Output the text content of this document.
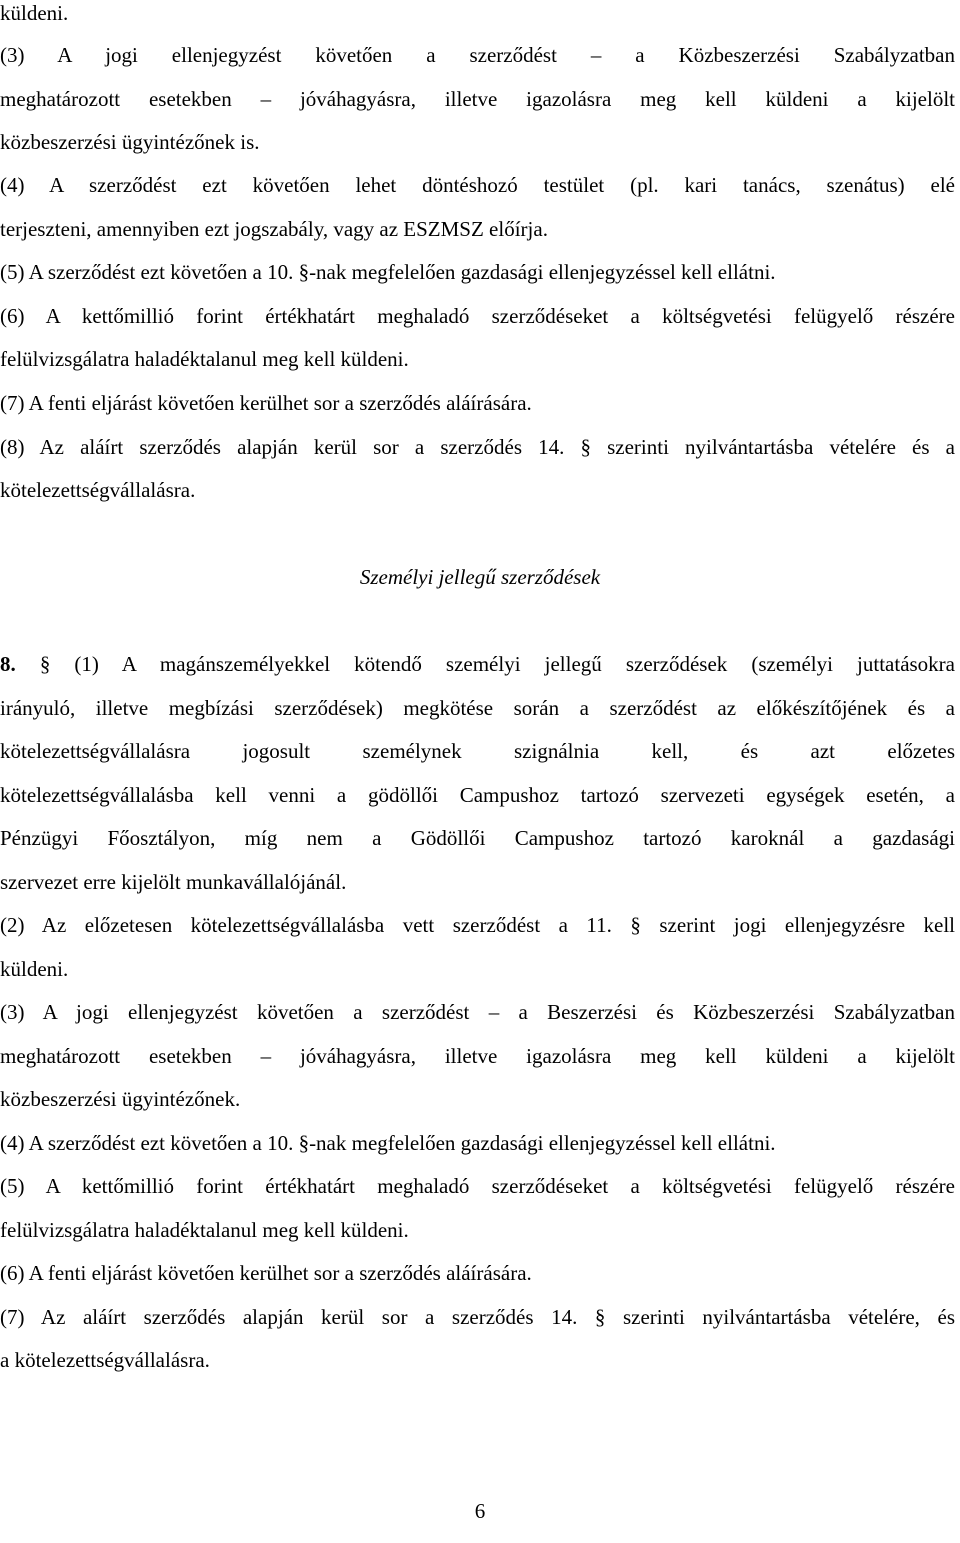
küldeni.

(3) A jogi ellenjegyzést követően a szerződést – a Közbeszerzési Szabályzatban

meghatározott esetekben – jóváhagyásra, illetve igazolásra meg kell küldeni a kijelölt

közbeszerzési ügyintézőnek is.

(4) A szerződést ezt követően lehet döntéshozó testület (pl. kari tanács, szenátus) elé

terjeszteni, amennyiben ezt jogszabály, vagy az ESZMSZ előírja.

(5) A szerződést ezt követően a 10. §-nak megfelelően gazdasági ellenjegyzéssel kell ellátni.

(6) A kettőmillió forint értékhatárt meghaladó szerződéseket a költségvetési felügyelő részére

felülvizsgálatra haladéktalanul meg kell küldeni.

(7) A fenti eljárást követően kerülhet sor a szerződés aláírására.

(8) Az aláírt szerződés alapján kerül sor a szerződés 14. § szerinti nyilvántartásba vételére és a

kötelezettségvállalásra.

Személyi jellegű szerződések

8. § (1) A magánszemélyekkel kötendő személyi jellegű szerződések (személyi juttatásokra

irányuló, illetve megbízási szerződések) megkötése során a szerződést az előkészítőjének és a

kötelezettségvállalásra jogosult személynek szignálnia kell, és azt előzetes

kötelezettségvállalásba kell venni a gödöllői Campushoz tartozó szervezeti egységek esetén, a

Pénzügyi Főosztályon, míg nem a Gödöllői Campushoz tartozó karoknál a gazdasági

szervezet erre kijelölt munkavállalójánál.

(2) Az előzetesen kötelezettségvállalásba vett szerződést a 11. § szerint jogi ellenjegyzésre kell

küldeni.

(3) A jogi ellenjegyzést követően a szerződést – a Beszerzési és Közbeszerzési Szabályzatban

meghatározott esetekben – jóváhagyásra, illetve igazolásra meg kell küldeni a kijelölt

közbeszerzési ügyintézőnek.

(4) A szerződést ezt követően a 10. §-nak megfelelően gazdasági ellenjegyzéssel kell ellátni.

(5) A kettőmillió forint értékhatárt meghaladó szerződéseket a költségvetési felügyelő részére

felülvizsgálatra haladéktalanul meg kell küldeni.

(6) A fenti eljárást követően kerülhet sor a szerződés aláírására.

(7) Az aláírt szerződés alapján kerül sor a szerződés 14. § szerinti nyilvántartásba vételére, és

a kötelezettségvállalásra.

6
